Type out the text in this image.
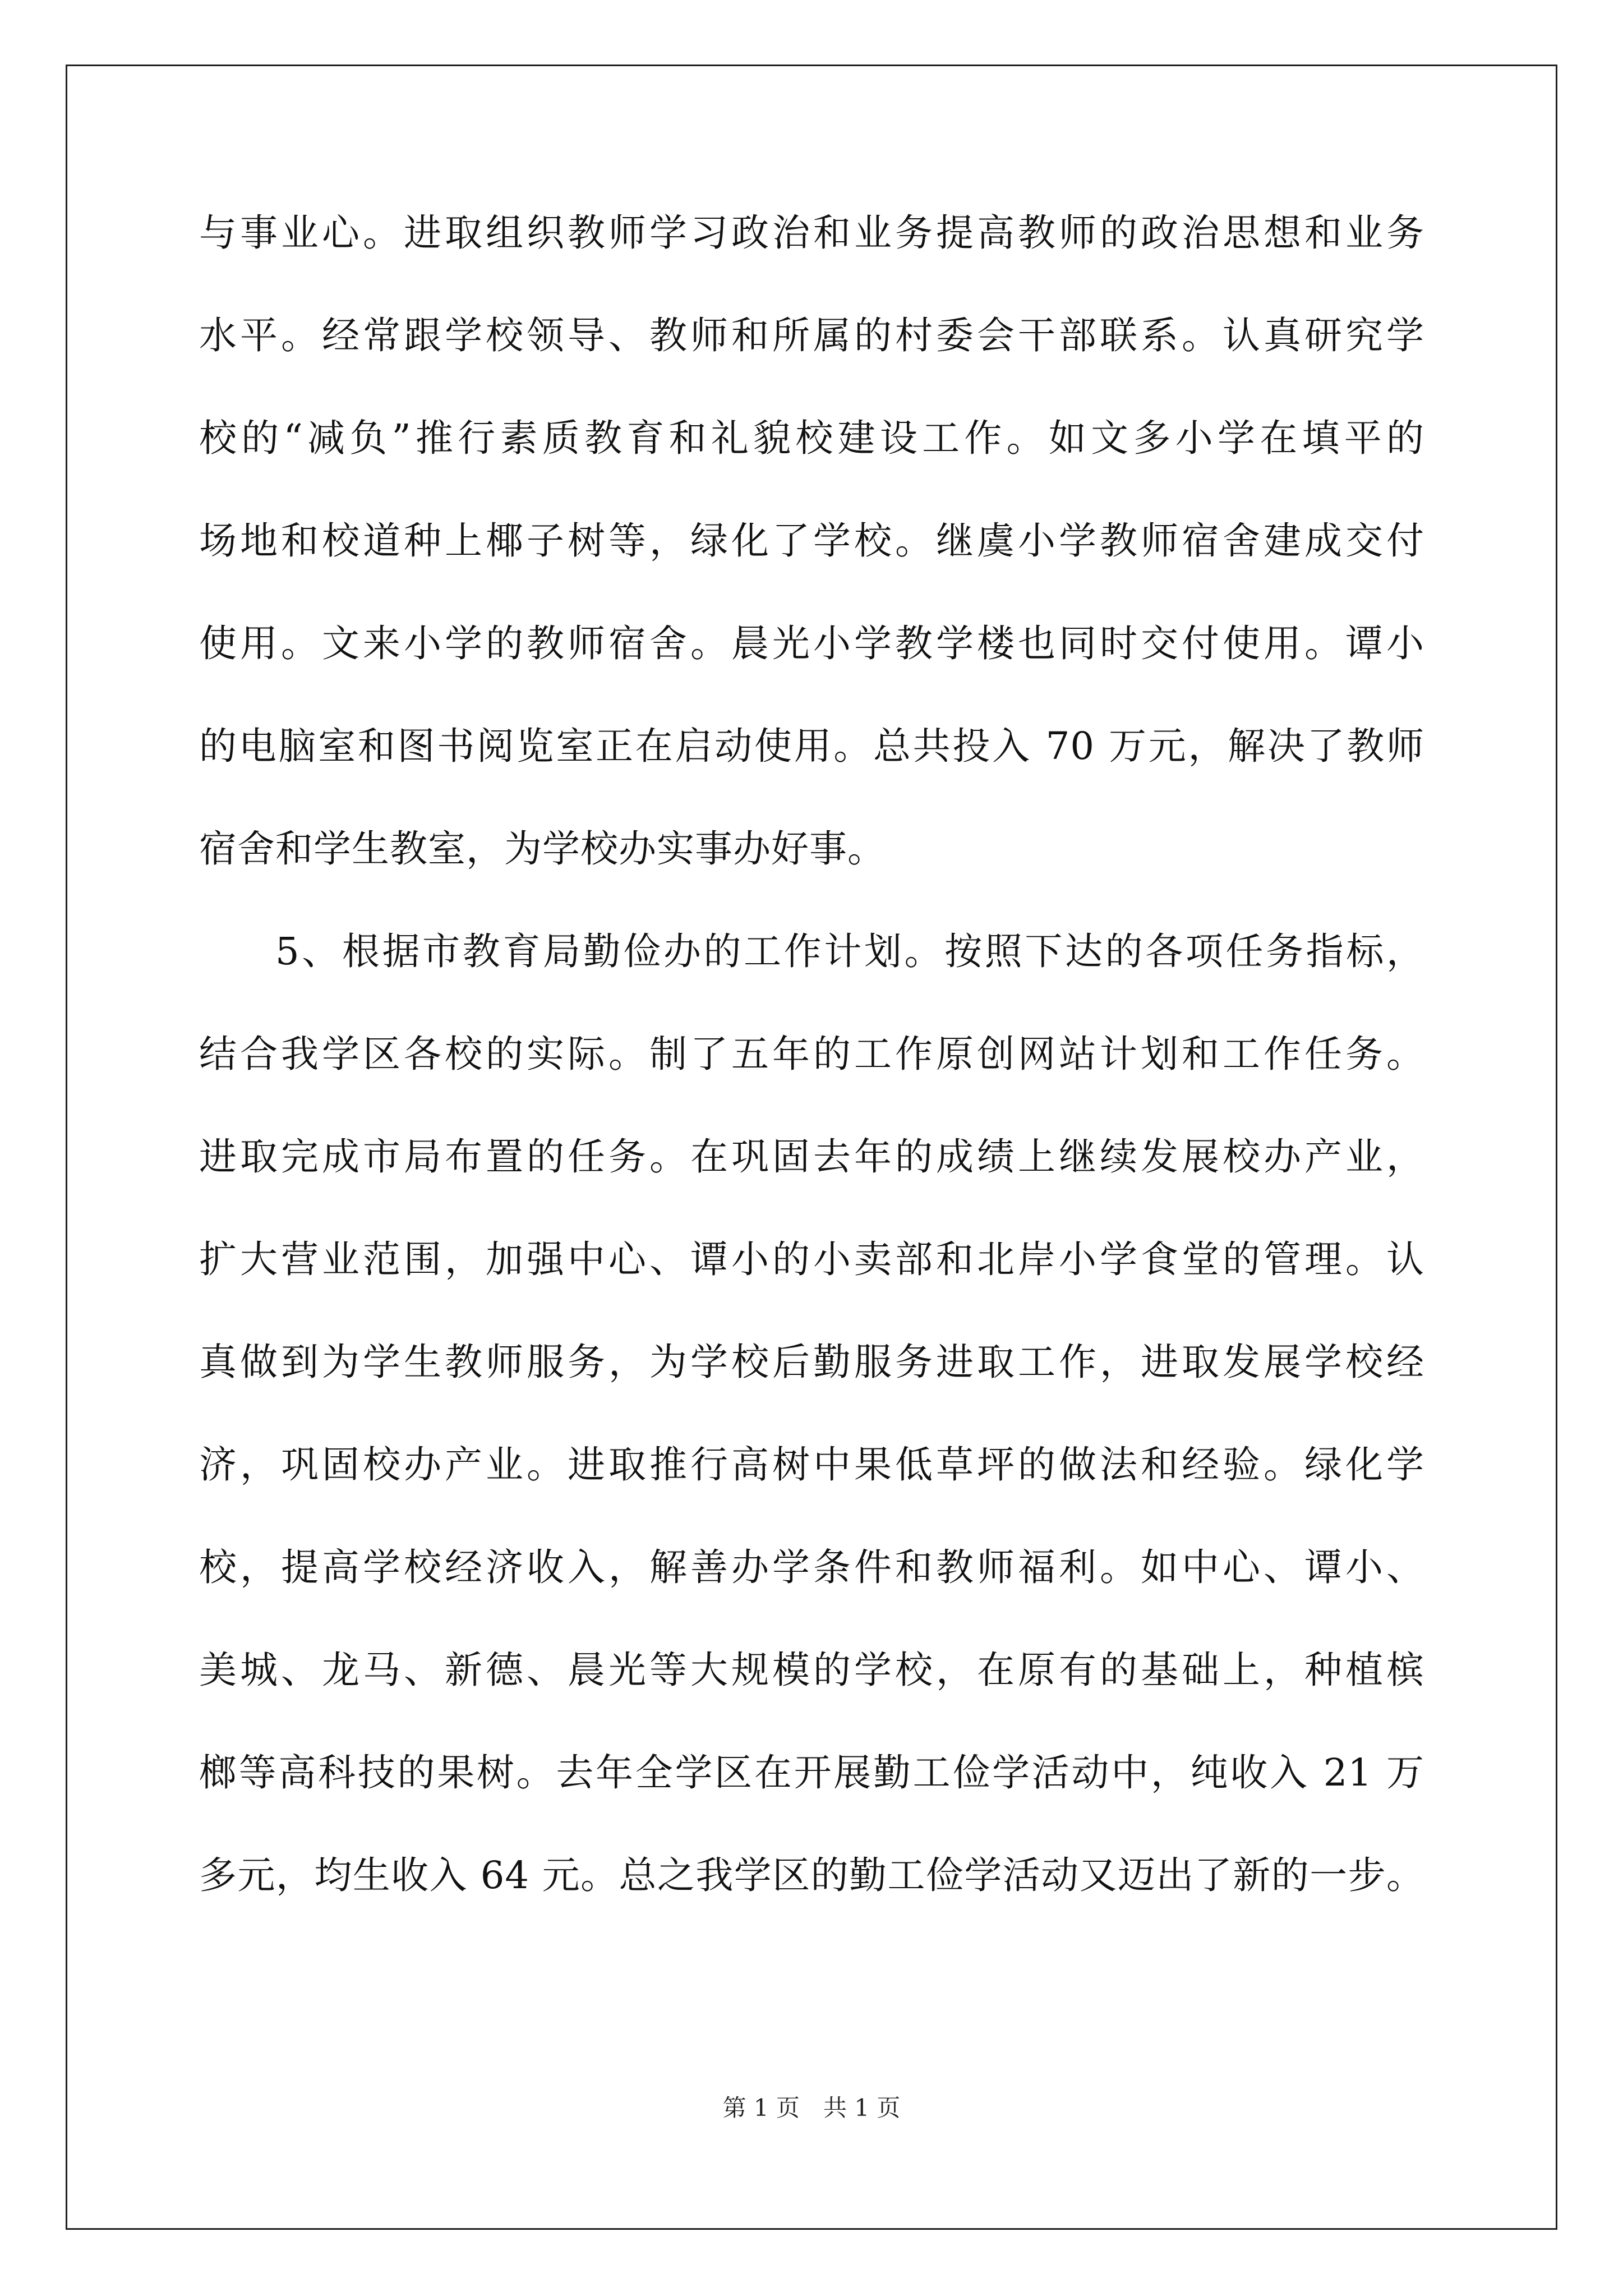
与事业心。进取组织教师学习政治和业务提高教师的政治思想和业务
水平。经常跟学校领导、教师和所属的村委会干部联系。认真研究学
校的“减负”推行素质教育和礼貌校建设工作。如文多小学在填平的
场地和校道种上椰子树等，绿化了学校。继虞小学教师宿舍建成交付
使用。文来小学的教师宿舍。晨光小学教学楼也同时交付使用。谭小
的电脑室和图书阅览室正在启动使用。总共投入 70 万元，解决了教师
宿舍和学生教室，为学校办实事办好事。
5、根据市教育局勤俭办的工作计划。按照下达的各项任务指标，
结合我学区各校的实际。制了五年的工作原创网站计划和工作任务。
进取完成市局布置的任务。在巩固去年的成绩上继续发展校办产业，
扩大营业范围，加强中心、谭小的小卖部和北岸小学食堂的管理。认
真做到为学生教师服务，为学校后勤服务进取工作，进取发展学校经
济，巩固校办产业。进取推行高树中果低草坪的做法和经验。绿化学
校，提高学校经济收入，解善办学条件和教师福利。如中心、谭小、
美城、龙马、新德、晨光等大规模的学校，在原有的基础上，种植槟
榔等高科技的果树。去年全学区在开展勤工俭学活动中，纯收入 21 万
多元，均生收入 64 元。总之我学区的勤工俭学活动又迈出了新的一步。
第 1 页　共 1 页
